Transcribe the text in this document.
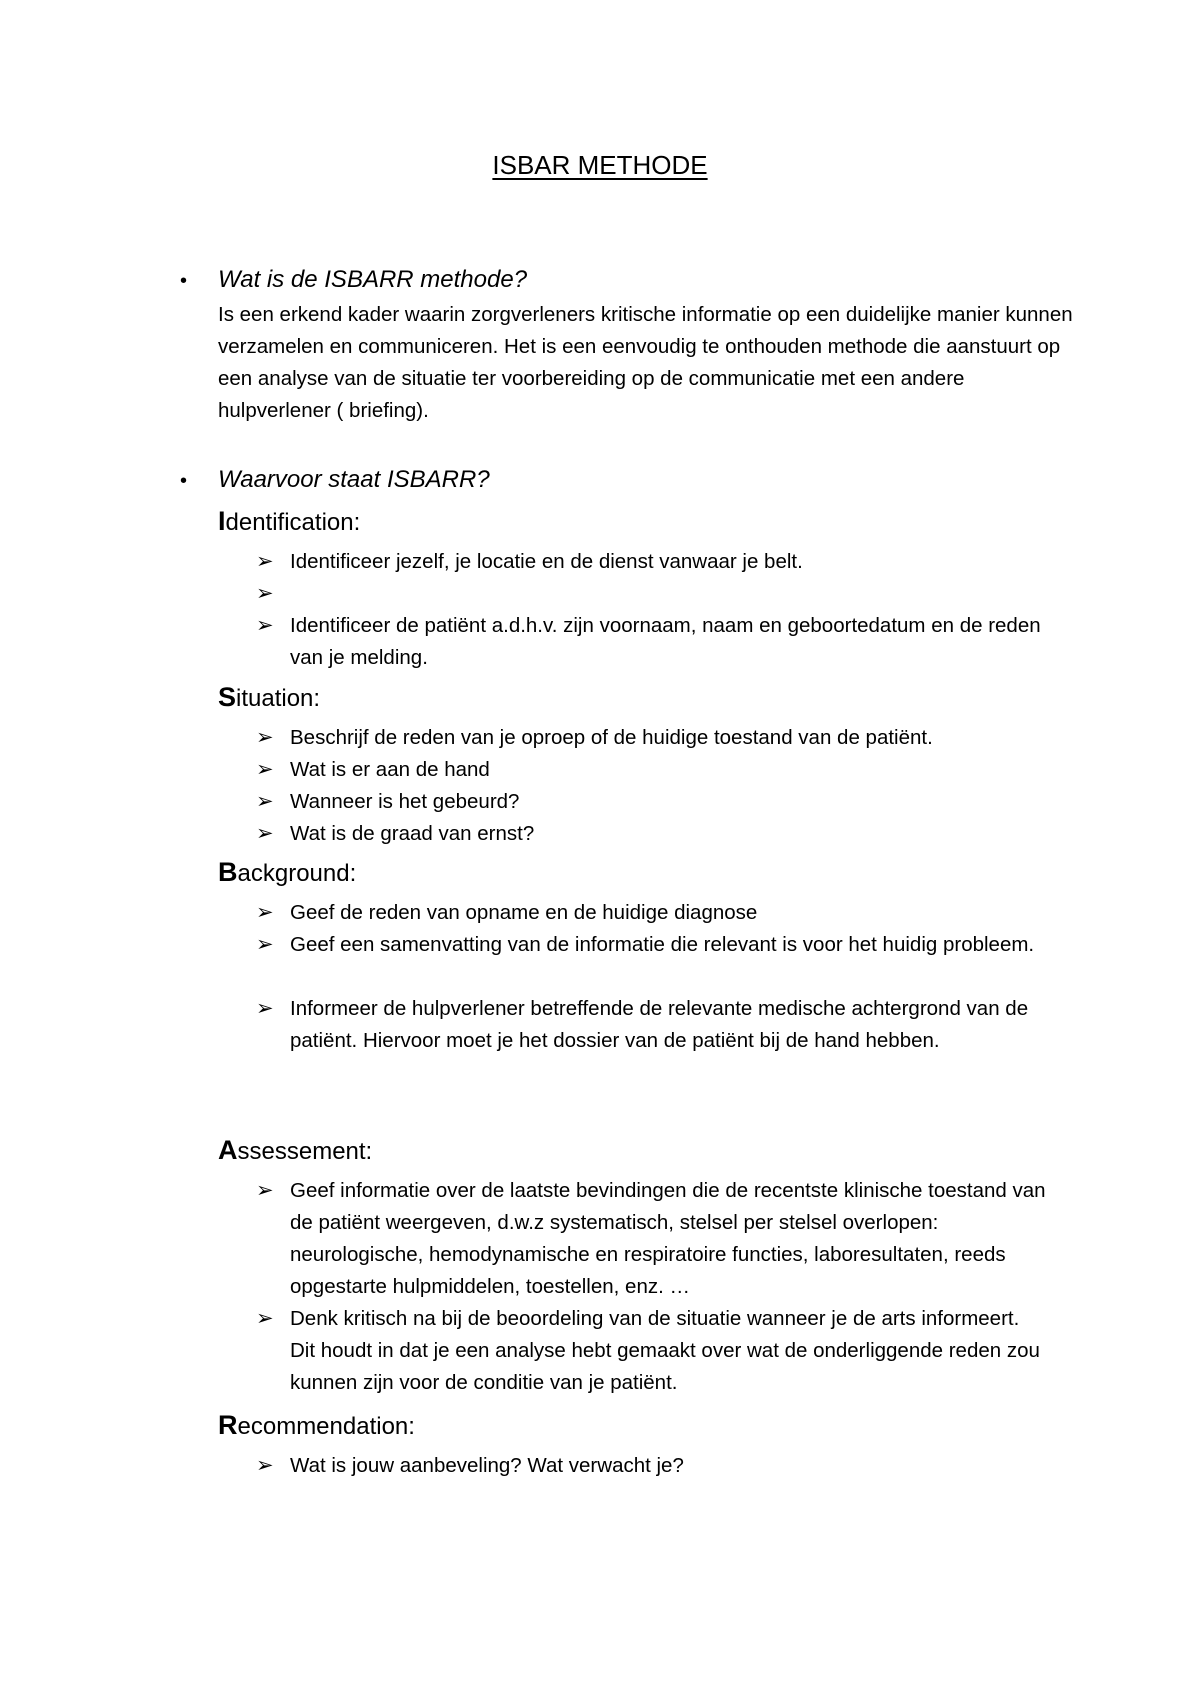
ISBAR METHODE
• Wat is de ISBARR methode?
Is een erkend kader waarin zorgverleners kritische informatie op een duidelijke manier kunnen verzamelen en communiceren. Het is een eenvoudig te onthouden methode die aanstuurt op een analyse van de situatie ter voorbereiding op de communicatie met een andere hulpverlener ( briefing).
• Waarvoor staat ISBARR?
Identification:
➢ Identificeer jezelf, je locatie en de dienst vanwaar je belt.
➢
➢ Identificeer de patiënt a.d.h.v. zijn voornaam, naam en geboortedatum en de reden van je melding.
Situation:
➢ Beschrijf de reden van je oproep of de huidige toestand van de patiënt.
➢ Wat is er aan de hand
➢ Wanneer is het gebeurd?
➢ Wat is de graad van ernst?
Background:
➢ Geef de reden van opname en de huidige diagnose
➢ Geef een samenvatting van de informatie die relevant is voor het huidig probleem.
➢ Informeer de hulpverlener betreffende de relevante medische achtergrond van de patiënt. Hiervoor moet je het dossier van de patiënt bij de hand hebben.
Assessement:
➢ Geef informatie over de laatste bevindingen die de recentste klinische toestand van de patiënt weergeven, d.w.z systematisch, stelsel per stelsel overlopen: neurologische, hemodynamische en respiratoire functies, laboresultaten, reeds opgestarte hulpmiddelen, toestellen, enz. …
➢ Denk kritisch na bij de beoordeling van de situatie wanneer je de arts informeert. Dit houdt in dat je een analyse hebt gemaakt over wat de onderliggende reden zou kunnen zijn voor de conditie van je patiënt.
Recommendation:
➢ Wat is jouw aanbeveling? Wat verwacht je?
